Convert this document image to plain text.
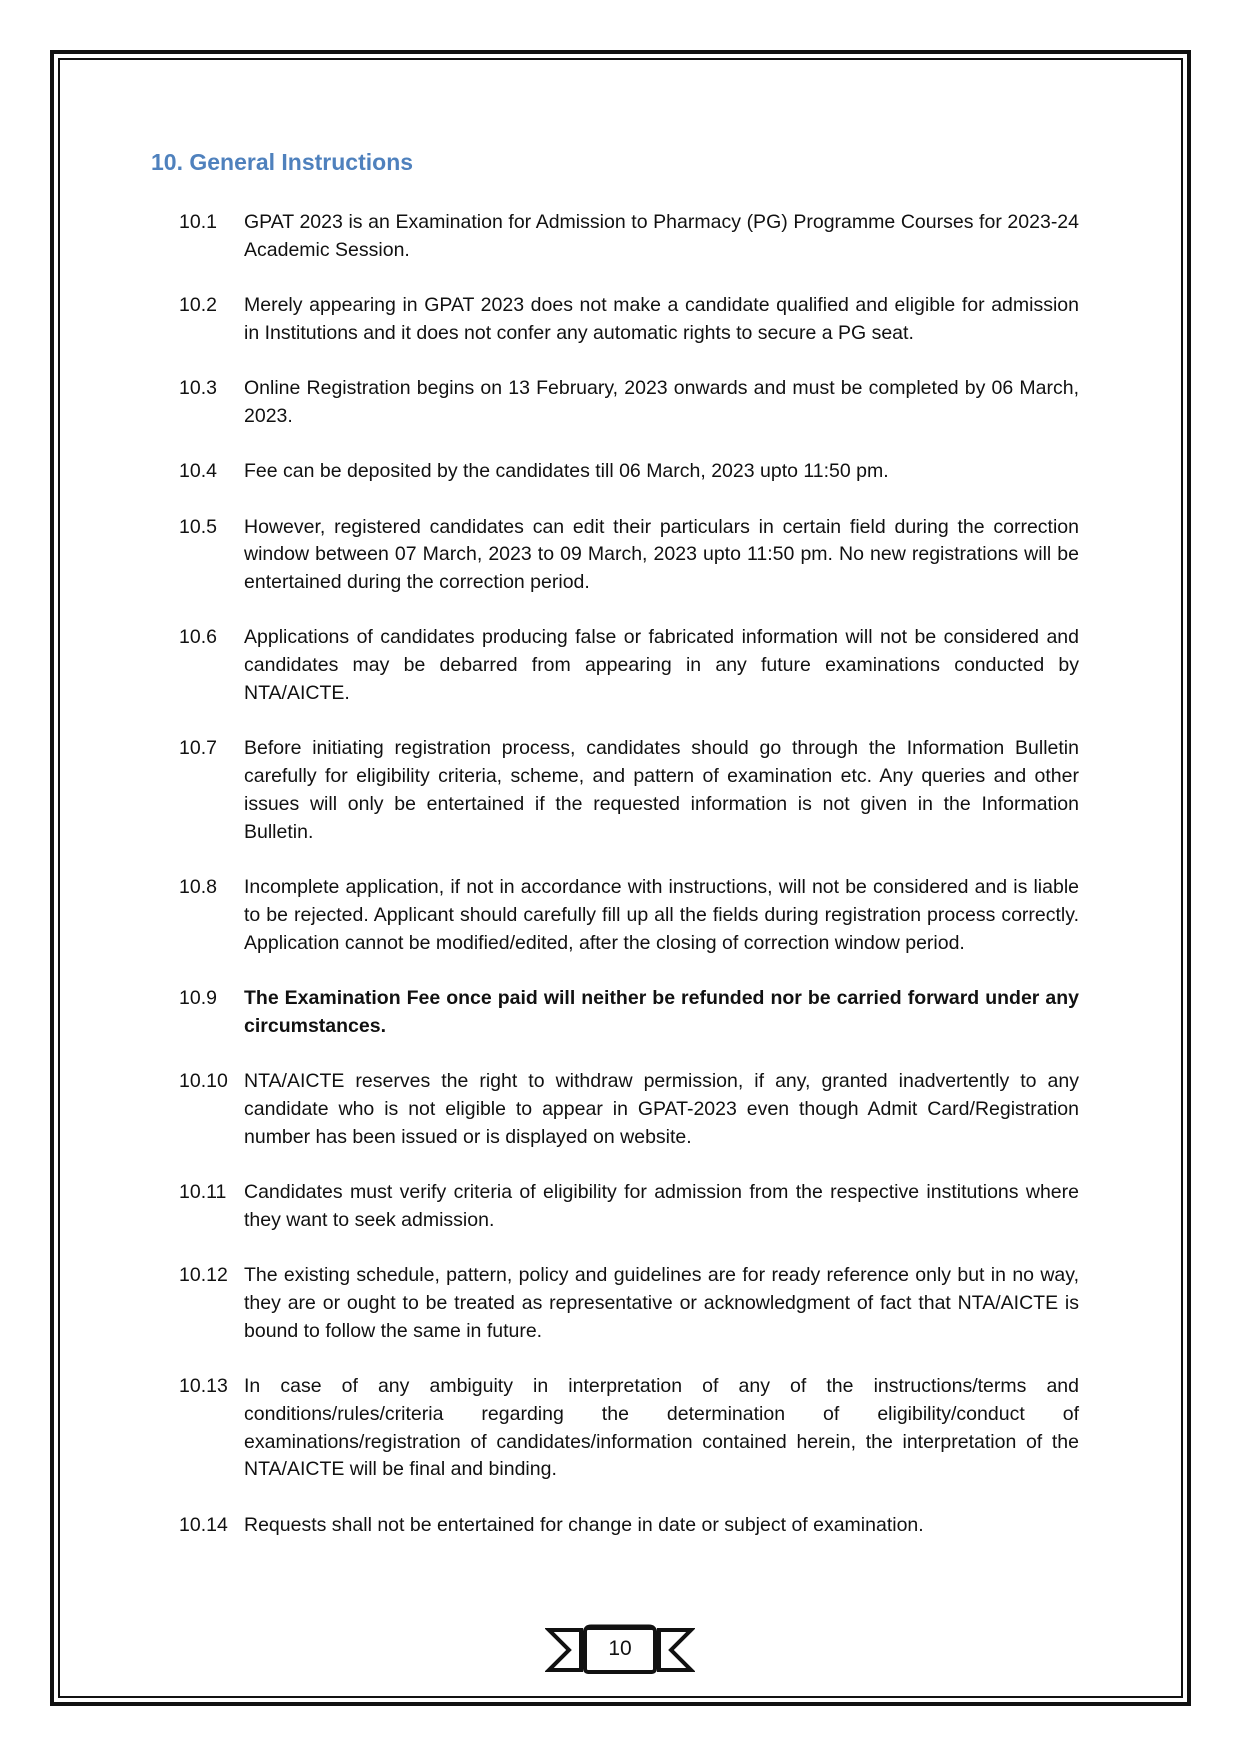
10. General Instructions
10.1	GPAT 2023 is an Examination for Admission to Pharmacy (PG) Programme Courses for 2023-24 Academic Session.
10.2	Merely appearing in GPAT 2023 does not make a candidate qualified and eligible for admission in Institutions and it does not confer any automatic rights to secure a PG seat.
10.3	Online Registration begins on 13 February, 2023 onwards and must be completed by 06 March, 2023.
10.4	Fee can be deposited by the candidates till 06 March, 2023 upto 11:50 pm.
10.5	However, registered candidates can edit their particulars in certain field during the correction window between 07 March, 2023 to 09 March, 2023 upto 11:50 pm. No new registrations will be entertained during the correction period.
10.6	Applications of candidates producing false or fabricated information will not be considered and candidates may be debarred from appearing in any future examinations conducted by NTA/AICTE.
10.7	Before initiating registration process, candidates should go through the Information Bulletin carefully for eligibility criteria, scheme, and pattern of examination etc. Any queries and other issues will only be entertained if the requested information is not given in the Information Bulletin.
10.8	Incomplete application, if not in accordance with instructions, will not be considered and is liable to be rejected. Applicant should carefully fill up all the fields during registration process correctly. Application cannot be modified/edited, after the closing of correction window period.
10.9	The Examination Fee once paid will neither be refunded nor be carried forward under any circumstances.
10.10 NTA/AICTE reserves the right to withdraw permission, if any, granted inadvertently to any candidate who is not eligible to appear in GPAT-2023 even though Admit Card/Registration number has been issued or is displayed on website.
10.11 Candidates must verify criteria of eligibility for admission from the respective institutions where they want to seek admission.
10.12 The existing schedule, pattern, policy and guidelines are for ready reference only but in no way, they are or ought to be treated as representative or acknowledgment of fact that NTA/AICTE is bound to follow the same in future.
10.13 In case of any ambiguity in interpretation of any of the instructions/terms and conditions/rules/criteria regarding the determination of eligibility/conduct of examinations/registration of candidates/information contained herein, the interpretation of the NTA/AICTE will be final and binding.
10.14 Requests shall not be entertained for change in date or subject of examination.
10
